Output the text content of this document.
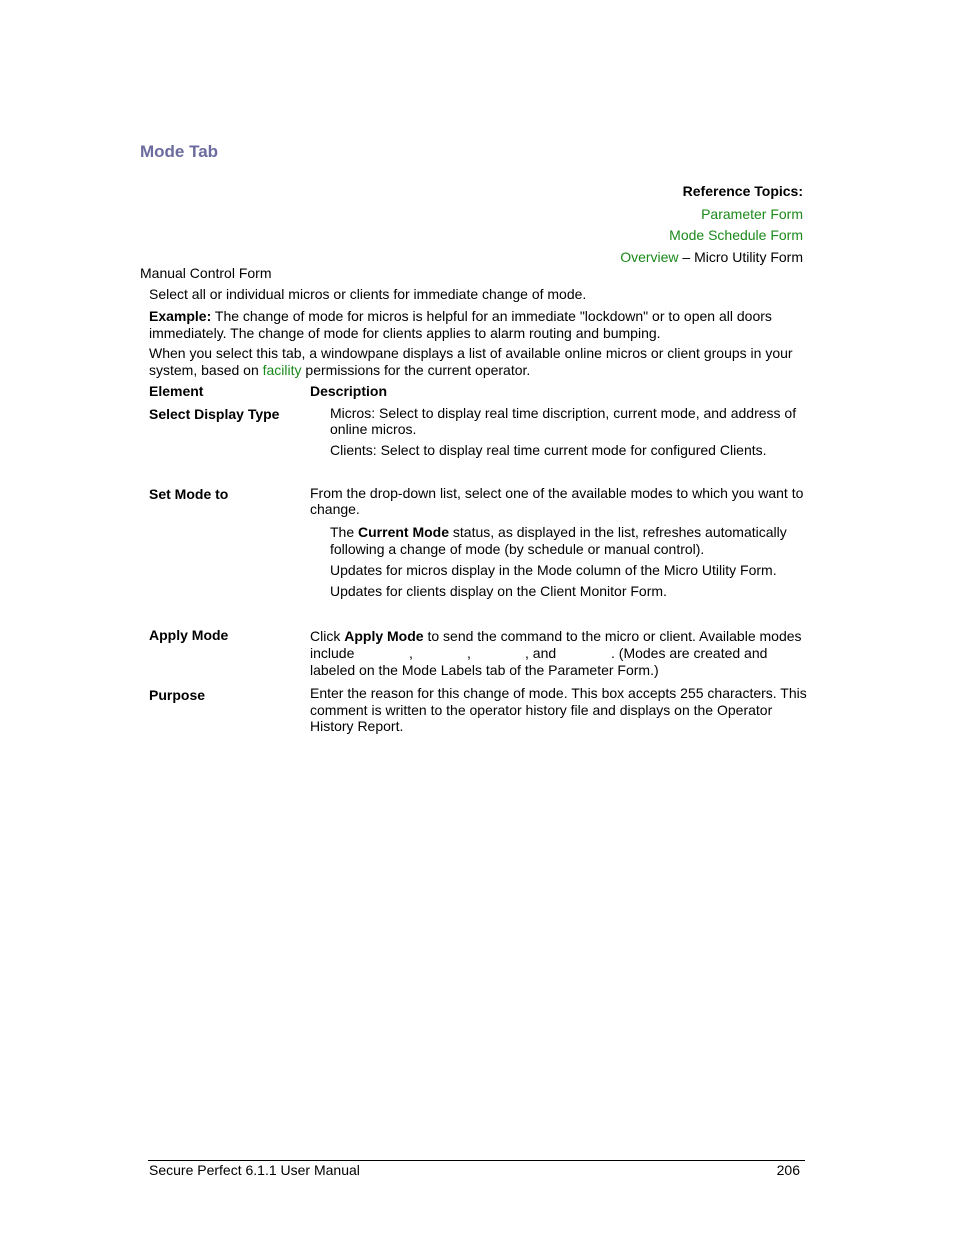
Mode Tab
Reference Topics:
Parameter Form
Mode Schedule Form
Overview – Micro Utility Form
Manual Control Form
Select all or individual micros or clients for immediate change of mode.
Example: The change of mode for micros is helpful for an immediate "lockdown" or to open all doors
immediately. The change of mode for clients applies to alarm routing and bumping.
When you select this tab, a windowpane displays a list of available online micros or client groups in your
system, based on facility permissions for the current operator.
Element	Description
Select Display Type	Micros: Select to display real time discription, current mode, and address of
online micros.
Clients: Select to display real time current mode for configured Clients.
Set Mode to	From the drop-down list, select one of the available modes to which you want to
change.
The Current Mode status, as displayed in the list, refreshes automatically
following a change of mode (by schedule or manual control).
Updates for micros display in the Mode column of the Micro Utility Form.
Updates for clients display on the Client Monitor Form.
Apply Mode	Click Apply Mode to send the command to the micro or client. Available modes
include	,	,	, and	. (Modes are created and
labeled on the Mode Labels tab of the Parameter Form.)
Purpose	Enter the reason for this change of mode. This box accepts 255 characters. This
comment is written to the operator history file and displays on the Operator
History Report.
Secure Perfect 6.1.1 User Manual	206
